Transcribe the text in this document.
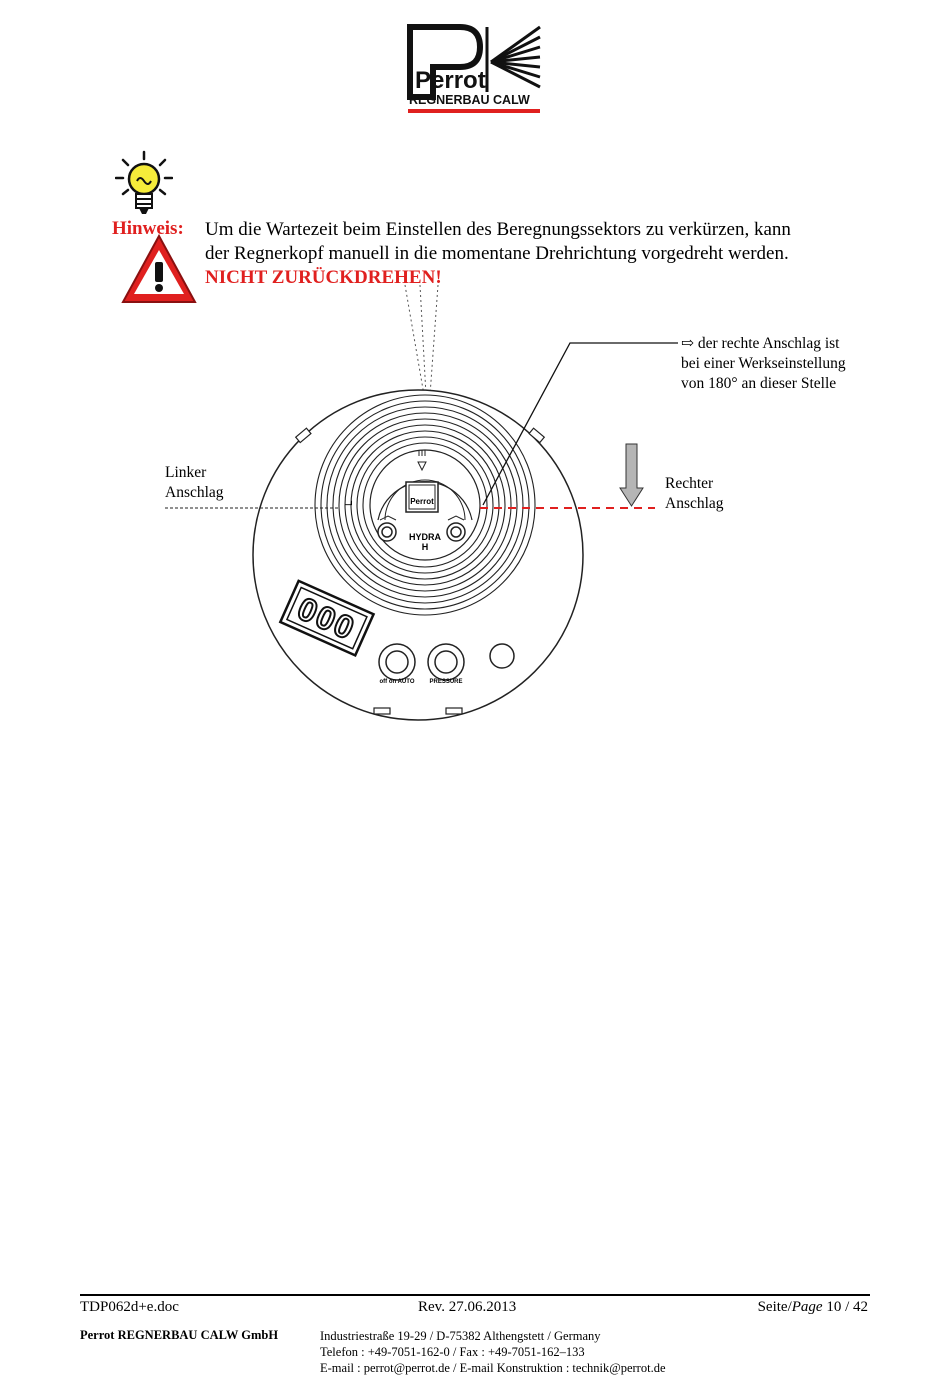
Perrot
REGNERBAU CALW
Hinweis: Um die Wartezeit beim Einstellen des Beregnungssektors zu verkürzen, kann
der Regnerkopf manuell in die momentane Drehrichtung vorgedreht werden.
NICHT ZURÜCKDREHEN!
Perrot
HYDRA
H
L
000
off on AUTO PRESSURE
⇨ der rechte Anschlag ist
bei einer Werkseinstellung
von 180° an dieser Stelle
Linker
Anschlag
Rechter
Anschlag
TDP062d+e.doc	Rev. 27.06.2013	Seite/Page 10 / 42
Perrot REGNERBAU CALW GmbH	Industriestraße 19-29 / D-75382 Althengstett / Germany
Telefon : +49-7051-162-0 / Fax : +49-7051-162–133
E-mail : perrot@perrot.de / E-mail Konstruktion : technik@perrot.de
